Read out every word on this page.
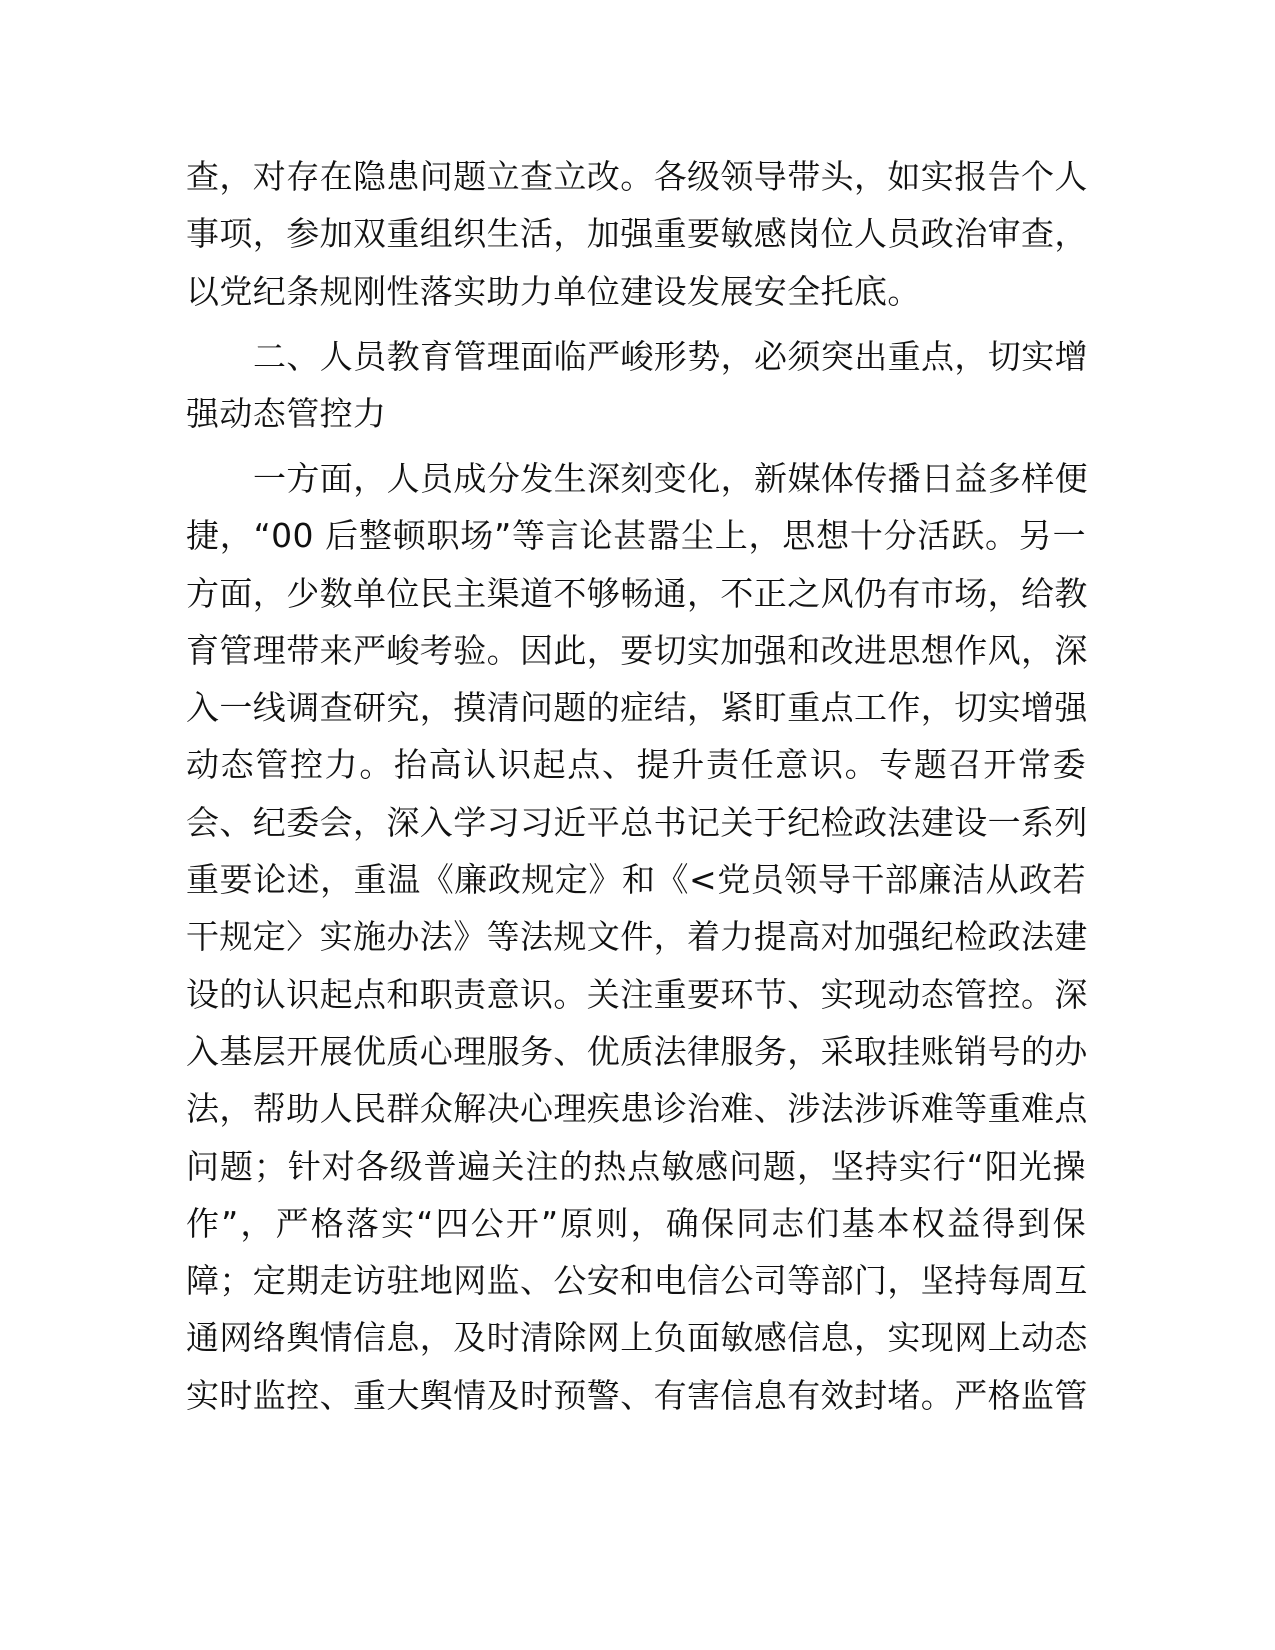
查，对存在隐患问题立查立改。各级领导带头，如实报告个人
事项，参加双重组织生活，加强重要敏感岗位人员政治审查，
以党纪条规刚性落实助力单位建设发展安全托底。
二、人员教育管理面临严峻形势，必须突出重点，切实增
强动态管控力
一方面，人员成分发生深刻变化，新媒体传播日益多样便
捷，“00 后整顿职场”等言论甚嚣尘上，思想十分活跃。另一
方面，少数单位民主渠道不够畅通，不正之风仍有市场，给教
育管理带来严峻考验。因此，要切实加强和改进思想作风，深
入一线调查研究，摸清问题的症结，紧盯重点工作，切实增强
动态管控力。抬高认识起点、提升责任意识。专题召开常委
会、纪委会，深入学习习近平总书记关于纪检政法建设一系列
重要论述，重温《廉政规定》和《<党员领导干部廉洁从政若
干规定〉实施办法》等法规文件，着力提高对加强纪检政法建
设的认识起点和职责意识。关注重要环节、实现动态管控。深
入基层开展优质心理服务、优质法律服务，采取挂账销号的办
法，帮助人民群众解决心理疾患诊治难、涉法涉诉难等重难点
问题；针对各级普遍关注的热点敏感问题，坚持实行“阳光操
作”，严格落实“四公开”原则，确保同志们基本权益得到保
障；定期走访驻地网监、公安和电信公司等部门，坚持每周互
通网络舆情信息，及时清除网上负面敏感信息，实现网上动态
实时监控、重大舆情及时预警、有害信息有效封堵。严格监管
